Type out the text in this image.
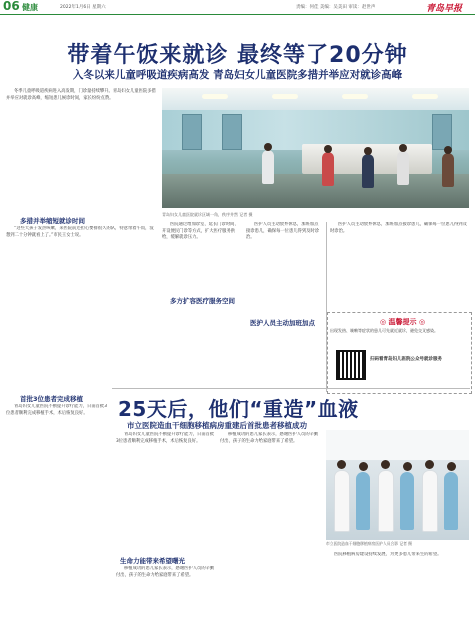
06 健康	2022年1月6日 星期六	责编：何佳 美编：吴美田 审读：赵世声	青岛早报
带着午饭来就诊 最终等了20分钟
入冬以来儿童呼吸道疾病高发 青岛妇女儿童医院多措并举应对就诊高峰
冬季儿童呼吸道疾病进入高发期，门诊量持续攀升。青岛妇女儿童医院多措并举应对就诊高峰，缩短患儿候诊时间，家长纷纷点赞。
青岛妇女儿童医院就诊区域一角，秩序井然 记者 摄
多措并举缩短就诊时间
“这些天孩子发热咳嗽，来医院前还担心要排很久的队，特意带着午饭，没想到二十分钟就看上了。”市民王女士说。
首批3位患者完成移植
青岛妇女儿童医院不断提升诊疗能力，日前首批3位患者顺利完成移植手术，术后恢复良好。
医院通过增加诊室、延长门诊时间、开设便民门诊等方式，扩大医疗服务供给，缓解就诊压力。
多方扩容医疗服务空间
医护人员主动放弃休息，加班加点接诊患儿，确保每一位患儿得到及时诊治。
医护人员主动加班加点
医护人员主动放弃休息，加班加点接诊患儿，确保每一位患儿得到及时诊治。
◎ 温馨提示 ◎
出现发热、咳嗽等症状的患儿可先就近就诊，避免交叉感染。
扫码看青岛妇儿医院公众号就诊服务
25天后，他们“重造”血液
市立医院造血干细胞移植病房重建后首批患者移植成功
青岛妇女儿童医院不断提升诊疗能力，日前首批3位患者顺利完成移植手术，术后恢复良好。
生命力能带来希望曙光
移植成功的患儿家长表示，感谢医护人员的辛勤付出，孩子的生命力给家庭带来了希望。
移植成功的患儿家长表示，感谢医护人员的辛勤付出，孩子的生命力给家庭带来了希望。
市立医院造血干细胞移植病房医护人员合影 记者 摄
医院移植病房建设持续发展，为更多患儿带来生的希望。
